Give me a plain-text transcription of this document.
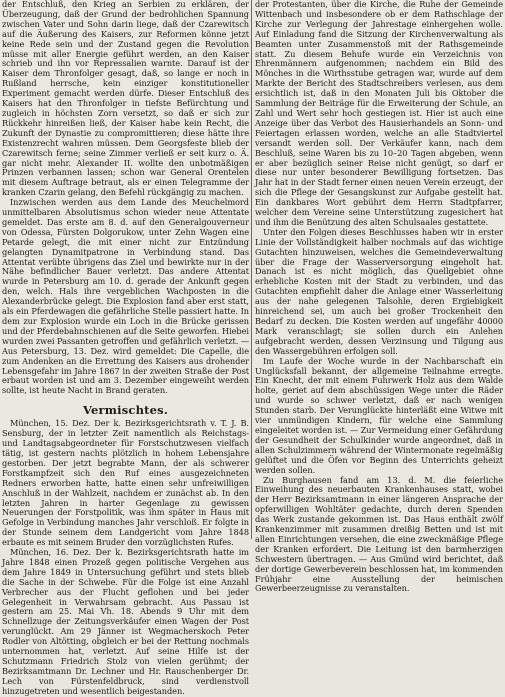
der Entschluß, den Krieg an Serbien zu erklären, der Überzeugung, daß der Grund der bedrohlichen Spannung zwischen Vater und Sohn darin liege, daß der Czarewitsch auf die Äußerung des Kaisers, zur Reformen könne jetzt keine Rede sein und der Zustand gegen die Revolution müsse mit aller Energie geführt werden, an den Kaiser schrieb und ihn vor Repressalien warnte. Darauf ist der Kaiser dem Thronfolger gesagt, daß, so lange er noch in Rußland herrsche, kein einziger konstitutioneller Experiment gemacht werden dürfe. Dieser Entschluß des Kaisers hat den Thronfolger in tiefste Befürchtung und zugleich in höchsten Zorn versetzt, so daß er sich zur Rückkehr hinreißen ließ, der Kaiser habe kein Recht, die Zukunft der Dynastie zu compromittieren; diese hätte ihre Existenzrecht wahren müssen. Dem Georgsfeste blieb der Czarewitsch ferne; seine Zimmer verließ er seit kurz o. Ä. gar nicht mehr. Alexander II. wollte den unbotmäßigen Prinzen verbannen lassen; schon war General Orentelen mit diesem Auftrage betraut, als er einen Telegramme der kranken Czarin gelang, den Befehl rückgängig zu machen.

Inzwischen werden aus dem Lande des Meuchelmord unmittelbaren Absolutismus schon wieder neue Attentate gemeldet. Das erste am 8. d. auf den Generalgouverneur von Odessa, Fürsten Dolgorukow, unter Zehn Wagen eine Petarde gelegt, die mit einer nicht zur Entzündung gelangten Dynamitpatrone in Verbindung stand. Das Attentat verübte übrigens das Ziel und bewirkte nur in der Nähe befindlicher Bauer verletzt. Das andere Attentat wurde in Petersburg am 10. d. gerade der Ankunft gegen den, welch. Hals ihre vergeblichen Wachposten in die Alexanderbrücke gelegt. Die Explosion fand aber erst statt, als ein Pferdewagen die gefährliche Stelle passiert hatte. In dem zur Explosion wurde ein Loch in die Brücke gerissen und der Pferdebahnschienen auf die Seite geworfen. Hiebei wurden zwei Passanten getroffen und gefährlich verletzt. — Aus Petersburg, 13. Dez. wird gemeldet: Die Capelle, die zum Andenken an die Errettung des Kaisers aus drohender Lebensgefahr im Jahre 1867 in der zweiten Straße der Post erbaut worden ist und am 3. Dezember eingeweiht werden sollte, ist heute Nacht in Brand geraten.

Vermischtes.

München, 15. Dez. Der k. Bezirksgerichtsrath v. T. J. B. Sensburg, der in letzter Zeit namentlich als Reichstags- und Landtagsabgeordneter für Forstschutzwesen vielfach tätig, ist gestern nachts plötzlich in hohem Lebensjahre gestorben. Der jetzt begrabte Mann, der als schwerer Forstkampfzeit sich den Ruf eines ausgezeichneten Redners erworben hatte, hatte einen sehr unfreiwilligen Anschluß in der Wahlzeit, nachdem er zunächst ab. In den letzten Jahren in harter Gegenlage zu gewissen Neuerungen der Forstpolitik, was ihm später in Haus mit Gefolge in Verbindung manches Jahr verschloß. Er folgte in der Stunde seinem dem Landgericht vom Jahre 1848 erbaute es mit seinem Bruder den vorzüglichsten Rufes.

München, 16. Dez. Der k. Bezirksgerichtsrath hatte im Jahre 1848 einen Prozeß gegen politische Vergehen aus dem Jahre 1849 in Untersuchung geführt und stets blieb die Sache in der Schwebe. Für die Folge ist eine Anzahl Verbrecher aus der Flucht geflohen und bei jeder Gelegenheit in Verwahrsam gebracht. Aus Passau ist gestern am 25. Mai Vh. 18. Abends 9 Uhr mit dem Schnellzuge der Zeitungsverkäufer einen Wagen der Post verunglückt. Am 29 Jänner ist Wegmacherskoch Peter Rodler von Altötting, obgleich er bei der Rettung nochmals unternommen hat, verletzt. Auf seine Hilfe ist der Schutzmann Friedrich Stolz von vielen gerühmt; der Bezirksamtmann Dr. Lechner und Hr. Rauschenberger Dr. Lech von Fürstenfeldbruck, sind verdienstvoll hinzugetreten und wesentlich beigestanden.

der Protestanten, über die Kirche, die Ruhe der Gemeinde Wittenbach und insbesondere ob er dem Rathschlage der Kirche zur Verlegung der Jahrestage einhergehen wolle. Auf Einladung fand die Sitzung der Kirchenverwaltung als Beamten unter Zusammenstoß mit der Rathsgemeinde statt. Zu diesem Behufe wurde ein Verzeichnis von Ehrenmännern aufgenommen; nachdem ein Bild des Mönches in die Wirthsstube getragen war, wurde auf dem Markte der Bericht des Stadtschreibers verlesen, aus dem ersichtlich ist, daß in den Monaten Juli bis Oktober die Sammlung der Beiträge für die Erweiterung der Schule, an Zahl und Wert sehr hoch gestiegen ist. Hier ist auch eine Anzeige über das Verbot des Hausierhandels an Sonn- und Feiertagen erlassen worden, welche an alle Stadtviertel versandt werden soll. Der Verkäufer kann, nach dem Beschluß, seine Waren bis zu 10–20 Tagen abgeben, wenn er aber bezüglich seiner Reise nicht genügt, so darf er diese nur unter besonderer Bewilligung fortsetzen. Das Jahr hat in der Stadt ferner einen neuen Verein erzeugt, der sich die Pflege der Gesangskunst zur Aufgabe gestellt hat. Ein dankbares Wort gebührt dem Herrn Stadtpfarrer, welcher dem Vereine seine Unterstützung zugesichert hat und ihm die Benützung des alten Schulsaales gestattete.

Unter den Folgen dieses Beschlusses haben wir in erster Linie der Vollständigkeit halber nochmals auf das wichtige Gutachten hinzuweisen, welches die Gemeindeverwaltung über die Frage der Wasserversorgung eingeholt hat. Danach ist es nicht möglich, das Quellgebiet ohne erhebliche Kosten mit der Stadt zu verbinden, und das Gutachten empfiehlt daher die Anlage einer Wasserleitung aus der nahe gelegenen Talsohle, deren Ergiebigkeit hinreichend sei, um auch bei großer Trockenheit den Bedarf zu decken. Die Kosten werden auf ungefähr 40000 Mark veranschlagt; sie sollen durch ein Anlehen aufgebracht werden, dessen Verzinsung und Tilgung aus den Wassergebühren erfolgen soll.

Im Laufe der Woche wurde in der Nachbarschaft ein Unglücksfall bekannt, der allgemeine Teilnahme erregte. Ein Knecht, der mit einem Fuhrwerk Holz aus dem Walde holte, geriet auf dem abschüssigen Wege unter die Räder und wurde so schwer verletzt, daß er nach wenigen Stunden starb. Der Verunglückte hinterläßt eine Witwe mit vier unmündigen Kindern, für welche eine Sammlung eingeleitet worden ist. — Zur Vermeidung einer Gefährdung der Gesundheit der Schulkinder wurde angeordnet, daß in allen Schulzimmern während der Wintermonate regelmäßig gelüftet und die Öfen vor Beginn des Unterrichts geheizt werden sollen.

Zu Burghausen fand am 13. d. M. die feierliche Einweihung des neuerbauten Krankenhauses statt, wobei der Herr Bezirksamtmann in einer längeren Ansprache der opferwilligen Wohltäter gedachte, durch deren Spenden das Werk zustande gekommen ist. Das Haus enthält zwölf Krankenzimmer mit zusammen dreißig Betten und ist mit allen Einrichtungen versehen, die eine zweckmäßige Pflege der Kranken erfordert. Die Leitung ist den barmherzigen Schwestern übertragen. — Aus Gmünd wird berichtet, daß der dortige Gewerbeverein beschlossen hat, im kommenden Frühjahr eine Ausstellung der heimischen Gewerbeerzeugnisse zu veranstalten.
